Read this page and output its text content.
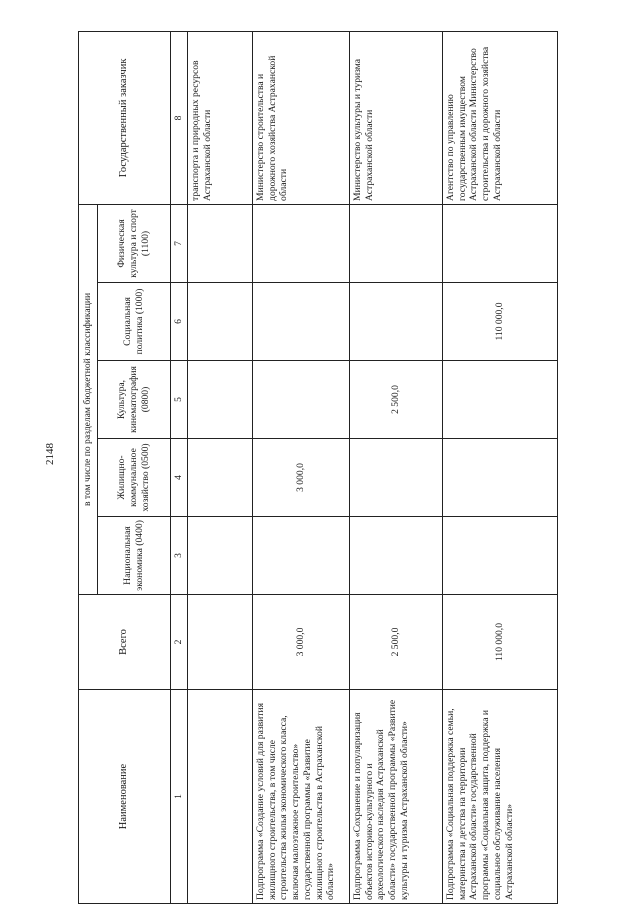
2148
Наименование	Всего	в том числе по разделам бюджетной классификации					Государственный заказчик
		Национальная экономика (0400)	Жилищно-коммунальное хозяйство (0500)	Культура, кинематография (0800)	Социальная политика (1000)	Физическая культура и спорт (1100)	
1	2	3	4	5	6	7	8
							транспорта и природных ресурсов Астраханской области
Подпрограмма «Создание условий для развития жилищного строительства, в том числе строительства жилья экономического класса, включая малоэтажное строительство» государственной программы «Развитие жилищного строительства в Астраханской области»	3 000,0		3 000,0				Министерство строительства и дорожного хозяйства Астраханской области
Подпрограмма «Сохранение и популяризация объектов историко-культурного и археологического наследия Астраханской области» государственной программы «Развитие культуры и туризма Астраханской области»	2 500,0			2 500,0			Министерство культуры и туризма Астраханской области
Подпрограмма «Социальная поддержка семьи, материнства и детства на территории Астраханской области» государственной программы «Социальная защита, поддержка и социальное обслуживание населения Астраханской области»	110 000,0				110 000,0		Агентство по управлению государственным имуществом Астраханской области Министерство строительства и дорожного хозяйства Астраханской области
